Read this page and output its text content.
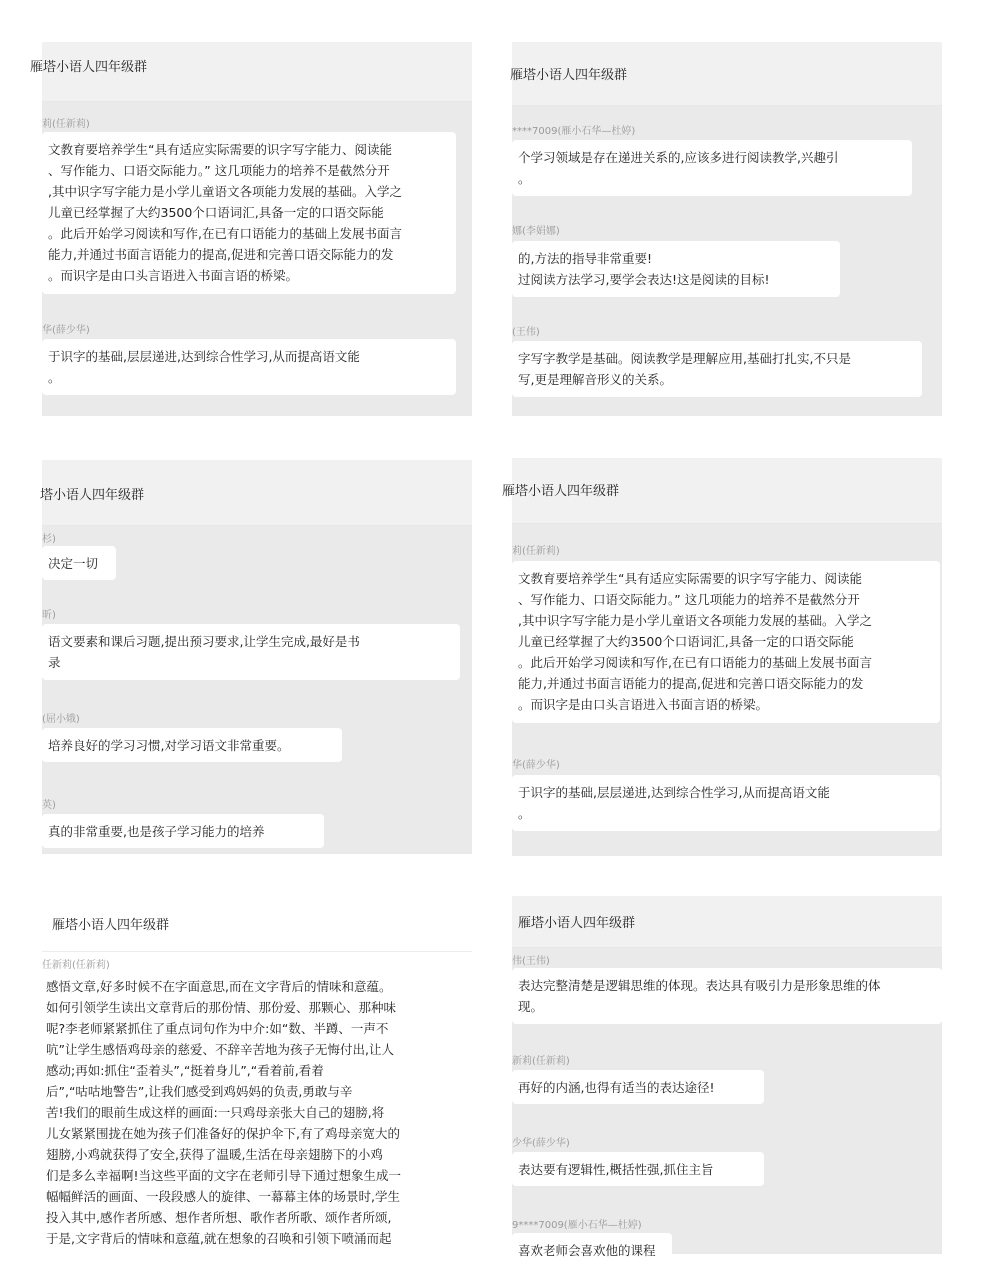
雁塔小语人四年级群
莉(任新莉)
文教育要培养学生“具有适应实际需要的识字写字能力、阅读能
、写作能力、口语交际能力。” 这几项能力的培养不是截然分开
,其中识字写字能力是小学儿童语文各项能力发展的基础。入学之
儿童已经掌握了大约3500个口语词汇,具备一定的口语交际能
。此后开始学习阅读和写作,在已有口语能力的基础上发展书面言
能力,并通过书面言语能力的提高,促进和完善口语交际能力的发
。而识字是由口头言语进入书面言语的桥梁。
华(薛少华)
于识字的基础,层层递进,达到综合性学习,从而提高语文能
。
雁塔小语人四年级群
****7009(雁小石华—杜婷)
个学习领域是存在递进关系的,应该多进行阅读教学,兴趣引
。
娜(李娟娜)
的,方法的指导非常重要!
过阅读方法学习,要学会表达!这是阅读的目标!
(王伟)
字写字教学是基础。阅读教学是理解应用,基础打扎实,不只是
写,更是理解音形义的关系。
塔小语人四年级群
杉)
决定一切
昕)
语文要素和课后习题,提出预习要求,让学生完成,最好是书
录
(屈小娥)
培养良好的学习习惯,对学习语文非常重要。
英)
真的非常重要,也是孩子学习能力的培养
雁塔小语人四年级群
莉(任新莉)
文教育要培养学生“具有适应实际需要的识字写字能力、阅读能
、写作能力、口语交际能力。” 这几项能力的培养不是截然分开
,其中识字写字能力是小学儿童语文各项能力发展的基础。入学之
儿童已经掌握了大约3500个口语词汇,具备一定的口语交际能
。此后开始学习阅读和写作,在已有口语能力的基础上发展书面言
能力,并通过书面言语能力的提高,促进和完善口语交际能力的发
。而识字是由口头言语进入书面言语的桥梁。
华(薛少华)
于识字的基础,层层递进,达到综合性学习,从而提高语文能
。
雁塔小语人四年级群
任新莉(任新莉)
感悟文章,好多时候不在字面意思,而在文字背后的情味和意蕴。
如何引领学生读出文章背后的那份情、那份爱、那颗心、那种味
呢?李老师紧紧抓住了重点词句作为中介:如“数、半蹲、一声不
吭”让学生感悟鸡母亲的慈爱、不辞辛苦地为孩子无悔付出,让人
感动;再如:抓住“歪着头”,“挺着身儿”,“看着前,看着
后”,“咕咕地警告”,让我们感受到鸡妈妈的负责,勇敢与辛
苦!我们的眼前生成这样的画面:一只鸡母亲张大自己的翅膀,将
儿女紧紧围拢在她为孩子们准备好的保护伞下,有了鸡母亲宽大的
翅膀,小鸡就获得了安全,获得了温暖,生活在母亲翅膀下的小鸡
们是多么幸福啊!当这些平面的文字在老师引导下通过想象生成一
幅幅鲜活的画面、一段段感人的旋律、一幕幕主体的场景时,学生
投入其中,感作者所感、想作者所想、歌作者所歌、颂作者所颂,
于是,文字背后的情味和意蕴,就在想象的召唤和引领下喷涌而起
雁塔小语人四年级群
伟(王伟)
表达完整清楚是逻辑思维的体现。表达具有吸引力是形象思维的体
现。
新莉(任新莉)
再好的内涵,也得有适当的表达途径!
少华(薛少华)
表达要有逻辑性,概括性强,抓住主旨
9****7009(雁小石华—杜婷)
喜欢老师会喜欢他的课程
